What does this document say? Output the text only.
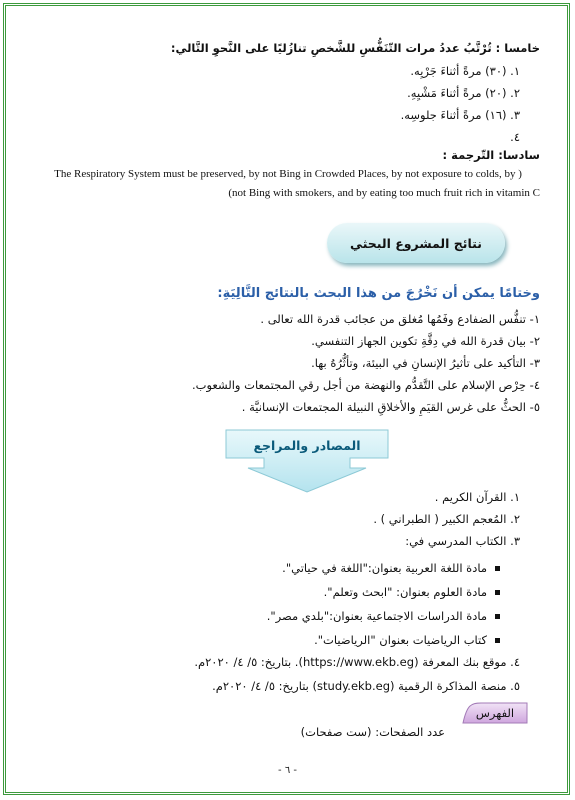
خامسا : تُرْتَّبُ عددُ مرات التّنَفُّسِ للشَّخصِ تنازُليًا على النَّحوِ التَّالي:
١. (٣٠) مرةً أثناءَ جَرْيِه.
٢. (٢٠) مرةً أثناءَ مَشْيِهِ.
٣. (١٦) مرةً أثناءَ جلوسِه.
٤.
سادسا: التّرجمة :
The Respiratory System must be preserved, by not Bing in Crowded Places, by not exposure to colds, by )
(not Bing with smokers, and by eating too much fruit rich in vitamin C
نتائج المشروع البحثي
وختامًا يمكن أن نَخْرُجَ من هذا البحث بالنتائج التَّالِيَةِ:
١- تنفُّس الضفادع وفَمُها مُغلق من عجائب قدرة الله تعالى .
٢- بيان قدرة الله في دِقَّةِ تكوين الجهاز التنفسي.
٣- التأكيد على تأثيرُ الإنسانِ في البيئة، وتأثُّرُهُ بها.
٤- حِرْص الإسلام على التَّقدُّم والنهضة من أجل رقي المجتمعات والشعوب.
٥- الحثُّ على غرس القيَمِ والأخلاقِ النبيلة المجتمعات الإنسانيَّة .
المصادر والمراجع
١. القرآن الكريم .
٢. المُعجم الكبير ( الطبراني ) .
٣. الكتاب المدرسي في:
مادة اللغة العربية بعنوان:"اللغة في حياتي".
مادة العلوم بعنوان: "ابحث وتعلم".
مادة الدراسات الاجتماعية بعنوان:"بلدي مصر".
كتاب الرياضيات بعنوان "الرياضيات".
٤. موقع بنك المعرفة (https://www.ekb.eg). بتاريخ: ٥/ ٤/ ٢٠٢٠م.
٥. منصة المذاكرة الرقمية (study.ekb.eg) بتاريخ: ٥/ ٤/ ٢٠٢٠م.
الفهرس
عدد الصفحات: (ست صفحات)
- ٦ -
